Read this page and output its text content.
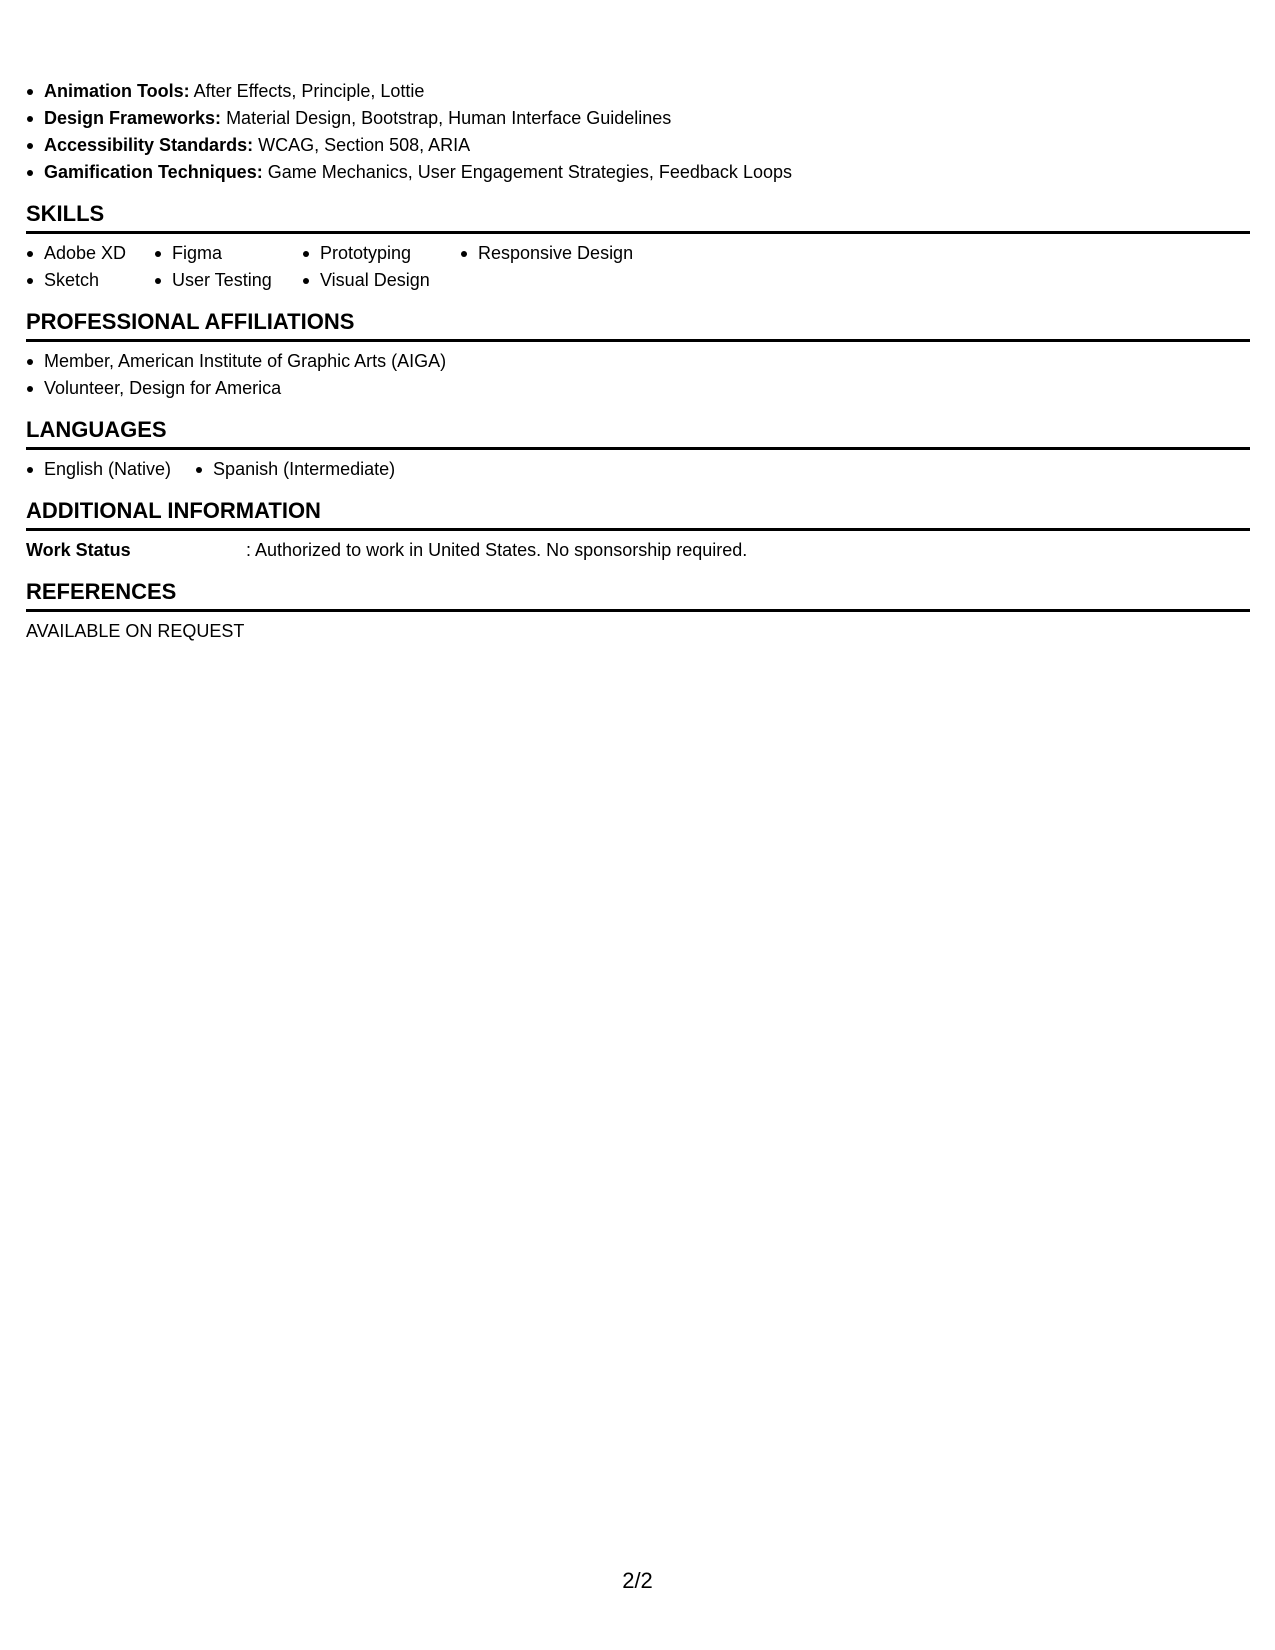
Animation Tools: After Effects, Principle, Lottie
Design Frameworks: Material Design, Bootstrap, Human Interface Guidelines
Accessibility Standards: WCAG, Section 508, ARIA
Gamification Techniques: Game Mechanics, User Engagement Strategies, Feedback Loops
SKILLS
Adobe XD	Figma	Prototyping	Responsive Design
Sketch	User Testing	Visual Design
PROFESSIONAL AFFILIATIONS
Member, American Institute of Graphic Arts (AIGA)
Volunteer, Design for America
LANGUAGES
English (Native)	Spanish (Intermediate)
ADDITIONAL INFORMATION
Work Status	: Authorized to work in United States. No sponsorship required.
REFERENCES
AVAILABLE ON REQUEST
2/2
